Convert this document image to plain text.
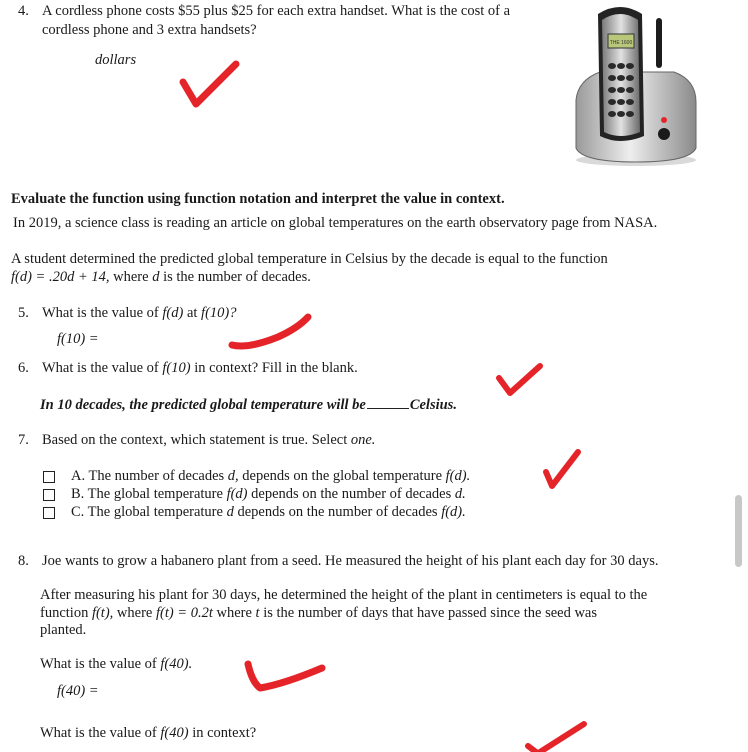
4. A cordless phone costs $55 plus $25 for each extra handset. What is the cost of a
cordless phone and 3 extra handsets?
dollars
THE 1600
Evaluate the function using function notation and interpret the value in context.
In 2019, a science class is reading an article on global temperatures on the earth observatory page from NASA.
A student determined the predicted global temperature in Celsius by the decade is equal to the function
f(d) = .20d + 14, where d is the number of decades.
5. What is the value of f(d) at f(10)?
f(10) =
6. What is the value of f(10) in context? Fill in the blank.
In 10 decades, the predicted global temperature will be	Celsius.
7. Based on the context, which statement is true. Select one.
A. The number of decades d, depends on the global temperature f(d).
B. The global temperature f(d) depends on the number of decades d.
C. The global temperature d depends on the number of decades f(d).
8. Joe wants to grow a habanero plant from a seed. He measured the height of his plant each day for 30 days.
After measuring his plant for 30 days, he determined the height of the plant in centimeters is equal to the
function f(t), where f(t) = 0.2t where t is the number of days that have passed since the seed was
planted.
What is the value of f(40).
f(40) =
What is the value of f(40) in context?
